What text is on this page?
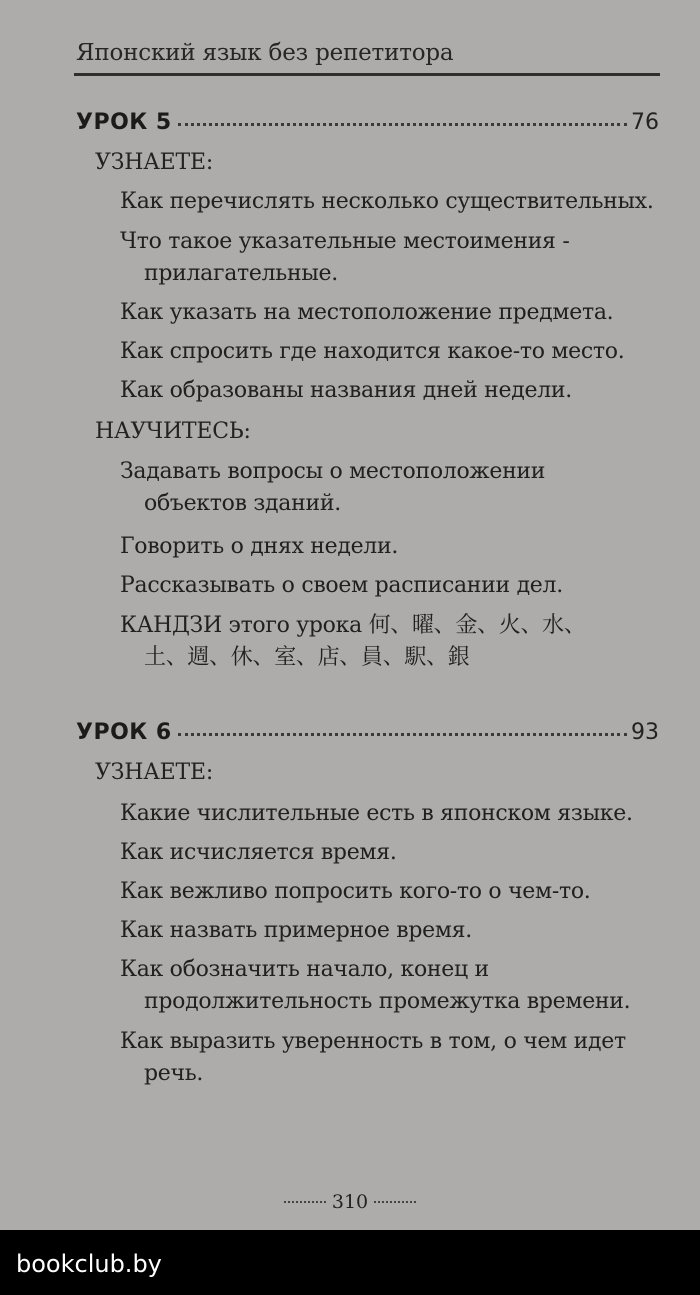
Японский язык без репетитора
УРОК 5	76
УЗНАЕТЕ:
Как перечислять несколько существительных.
Что такое указательные местоимения -
прилагательные.
Как указать на местоположение предмета.
Как спросить где находится какое-то место.
Как образованы названия дней недели.
НАУЧИТЕСЬ:
Задавать вопросы о местоположении
объектов зданий.
Говорить о днях недели.
Рассказывать о своем расписании дел.
КАНДЗИ этого урока 何、曜、金、火、水、
土、週、休、室、店、員、駅、銀
УРОК 6	93
УЗНАЕТЕ:
Какие числительные есть в японском языке.
Как исчисляется время.
Как вежливо попросить кого-то о чем-то.
Как назвать примерное время.
Как обозначить начало, конец и
продолжительность промежутка времени.
Как выразить уверенность в том, о чем идет
речь.
310
bookclub.by
